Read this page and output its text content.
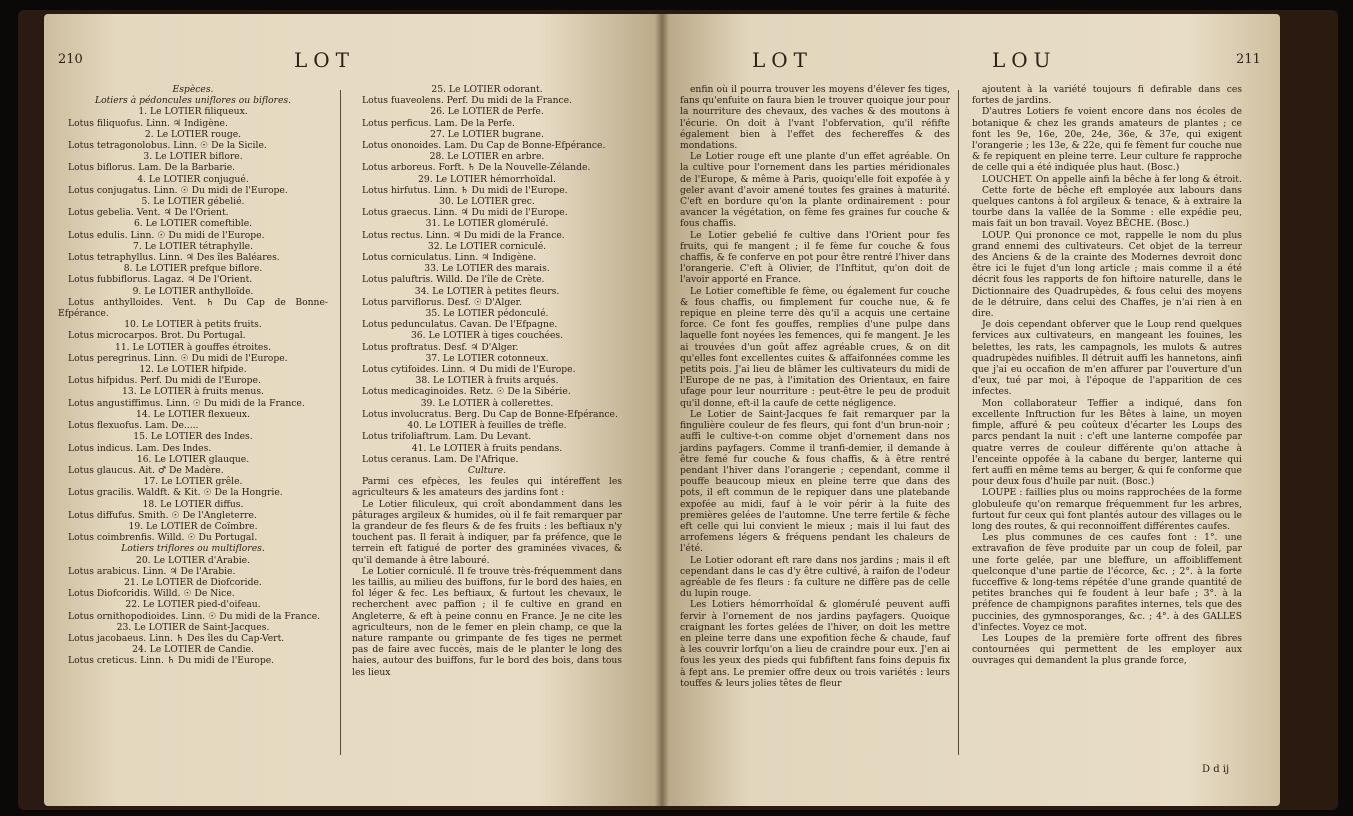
210	LOT

Espèces.

Lotiers à pédoncules uniflores ou biflores.

1. Le LOTIER filiqueux.

Lotus filiquofus. Linn. ♃ Indigène.

2. Le LOTIER rouge.

Lotus tetragonolobus. Linn. ☉ De la Sicile.

3. Le LOTIER biflore.

Lotus biflorus. Lam. De la Barbarie.

4. Le LOTIER conjugué.

Lotus conjugatus. Linn. ☉ Du midi de l'Europe.

5. Le LOTIER gébelié.

Lotus gebelia. Vent. ♃ De l'Orient.

6. Le LOTIER comeftible.

Lotus edulis. Linn. ☉ Du midi de l'Europe.

7. Le LOTIER tétraphylle.

Lotus tetraphyllus. Linn. ♃ Des îles Baléares.

8. Le LOTIER prefque biflore.

Lotus fubbiflorus. Lagaz. ♃ De l'Orient.

9. Le LOTIER anthylloïde.

Lotus anthylloides. Vent. ♄ Du Cap de Bonne-Efpérance.

10. Le LOTIER à petits fruits.

Lotus microcarpos. Brot. Du Portugal.

11. Le LOTIER à gouffes étroites.

Lotus peregrinus. Linn. ☉ Du midi de l'Europe.

12. Le LOTIER hifpide.

Lotus hifpidus. Perf. Du midi de l'Europe.

13. Le LOTIER à fruits menus.

Lotus angustiffimus. Linn. ☉ Du midi de la France.

14. Le LOTIER flexueux.

Lotus flexuofus. Lam. De.....

15. Le LOTIER des Indes.

Lotus indicus. Lam. Des Indes.

16. Le LOTIER glauque.

Lotus glaucus. Ait. ♂ De Madère.

17. Le LOTIER grêle.

Lotus gracilis. Waldft. & Kit. ☉ De la Hongrie.

18. Le LOTIER diffus.

Lotus diffufus. Smith. ☉ De l'Angleterre.

19. Le LOTIER de Coïmbre.

Lotus coimbrenfis. Willd. ☉ Du Portugal.

Lotiers triflores ou multiflores.

20. Le LOTIER d'Arabie.

Lotus arabicus. Linn. ♃ De l'Arabie.

21. Le LOTIER de Diofcoride.

Lotus Diofcoridis. Willd. ☉ De Nice.

22. Le LOTIER pied-d'oifeau.

Lotus ornithopodioides. Linn. ☉ Du midi de la France.

23. Le LOTIER de Saint-Jacques.

Lotus jacobaeus. Linn. ♄ Des îles du Cap-Vert.

24. Le LOTIER de Candie.

Lotus creticus. Linn. ♄ Du midi de l'Europe.

25. Le LOTIER odorant.

Lotus fuaveolens. Perf. Du midi de la France.

26. Le LOTIER de Perfe.

Lotus perficus. Lam. De la Perfe.

27. Le LOTIER bugrane.

Lotus ononoides. Lam. Du Cap de Bonne-Efpérance.

28. Le LOTIER en arbre.

Lotus arboreus. Forft. ♄ De la Nouvelle-Zélande.

29. Le LOTIER hémorrhoïdal.

Lotus hirfutus. Linn. ♄ Du midi de l'Europe.

30. Le LOTIER grec.

Lotus graecus. Linn. ♃ Du midi de l'Europe.

31. Le LOTIER gloméruIé.

Lotus rectus. Linn. ♃ Du midi de la France.

32. Le LOTIER corniculé.

Lotus corniculatus. Linn. ♃ Indigène.

33. Le LOTIER des marais.

Lotus paluftris. Willd. De l'île de Crète.

34. Le LOTIER à petites fleurs.

Lotus parviflorus. Desf. ☉ D'Alger.

35. Le LOTIER pédonculé.

Lotus pedunculatus. Cavan. De l'Efpagne.

36. Le LOTIER à tiges couchées.

Lotus proftratus. Desf. ♃ D'Alger.

37. Le LOTIER cotonneux.

Lotus cytifoides. Linn. ♃ Du midi de l'Europe.

38. Le LOTIER à fruits arqués.

Lotus medicaginoides. Retz. ☉ De la Sibérie.

39. Le LOTIER à collerettes.

Lotus involucratus. Berg. Du Cap de Bonne-Efpérance.

40. Le LOTIER à feuilles de trèfle.

Lotus trifoliaftrum. Lam. Du Levant.

41. Le LOTIER à fruits pendans.

Lotus ceranus. Lam. De l'Afrique.

Culture.

Parmi ces efpèces, les feules qui intéreffent les agriculteurs & les amateurs des jardins font :

Le Lotier filiculeux, qui croît abondamment dans les pâturages argileux & humides, où il fe fait remarquer par la grandeur de fes fleurs & de fes fruits : les beftiaux n'y touchent pas. Il ferait à indiquer, par fa préfence, que le terrein eft fatigué de porter des graminées vivaces, & qu'il demande à être labouré.

Le Lotier corniculé. Il fe trouve très-fréquemment dans les taillis, au milieu des buiffons, fur le bord des haies, en fol léger & fec. Les beftiaux, & furtout les chevaux, le recherchent avec paffion ; il fe cultive en grand en Angleterre, & eft à peine connu en France. Je ne cite les agriculteurs, non de le femer en plein champ, ce que la nature rampante ou grimpante de fes tiges ne permet pas de faire avec fuccès, mais de le planter le long des haies, autour des buiffons, fur le bord des bois, dans tous les lieux

LOT	LOU	211

enfin où il pourra trouver les moyens d'élever fes tiges, fans qu'enfuite on faura bien le trouver quoique jour pour la nourriture des chevaux, des vaches & des moutons à l'écurie. On doit à l'vant l'obfervation, qu'il réfifte également bien à l'effet des fechereffes & des mondations.

Le Lotier rouge eft une plante d'un effet agréable. On la cultive pour l'ornement dans les parties méridionales de l'Europe, & même à Paris, quoiqu'elle foit expofée à y geler avant d'avoir amené toutes fes graines à maturité. C'eft en bordure qu'on la plante ordinairement : pour avancer la végétation, on fème fes graines fur couche & fous chaffis.

Le Lotier gebelié fe cultive dans l'Orient pour fes fruits, qui fe mangent ; il fe fème fur couche & fous chaffis, & fe conferve en pot pour être rentré l'hiver dans l'orangerie. C'eft à Olivier, de l'Inftitut, qu'on doit de l'avoir apporté en France.

Le Lotier comeftible fe fème, ou également fur couche & fous chaffis, ou fimplement fur couche nue, & fe repique en pleine terre dès qu'il a acquis une certaine force. Ce font fes gouffes, remplies d'une pulpe dans laquelle font noyées les femences, qui fe mangent. Je les ai trouvées d'un goût affez agréable crues, & on dit qu'elles font excellentes cuites & affaifonnées comme les petits pois. J'ai lieu de blâmer les cultivateurs du midi de l'Europe de ne pas, à l'imitation des Orientaux, en faire ufage pour leur nourriture : peut-être le peu de produit qu'il donne, eft-il la caufe de cette négligence.

Le Lotier de Saint-Jacques fe fait remarquer par la fingulière couleur de fes fleurs, qui font d'un brun-noir ; auffi le cultive-t-on comme objet d'ornement dans nos jardins payfagers. Comme il tranfi-demier, il demande à être femé fur couche & fous chaffis, & à être rentré pendant l'hiver dans l'orangerie ; cependant, comme il pouffe beaucoup mieux en pleine terre que dans des pots, il eft commun de le repiquer dans une platebande expofée au midi, fauf à le voir périr à la fuite des premières gelées de l'automne. Une terre fertile & fèche eft celle qui lui convient le mieux ; mais il lui faut des arrofemens légers & fréquens pendant les chaleurs de l'été.

Le Lotier odorant eft rare dans nos jardins ; mais il eft cependant dans le cas d'y être cultivé, à raifon de l'odeur agréable de fes fleurs : fa culture ne diffère pas de celle du lupin rouge.

Les Lotiers hémorrhoïdal & gloméruIé peuvent auffi fervir à l'ornement de nos jardins payfagers. Quoique craignant les fortes gelées de l'hiver, on doit les mettre en pleine terre dans une expofition fèche & chaude, fauf à les couvrir lorfqu'on a lieu de craindre pour eux. J'en ai fous les yeux des pieds qui fubfiftent fans foins depuis fix à fept ans. Le premier offre deux ou trois variétés : leurs touffes & leurs jolies têtes de fleur

ajoutent à la variété toujours fi defirable dans ces fortes de jardins.

D'autres Lotiers fe voient encore dans nos écoles de botanique & chez les grands amateurs de plantes ; ce font les 9e, 16e, 20e, 24e, 36e, & 37e, qui exigent l'orangerie ; les 13e, & 22e, qui fe fèment fur couche nue & fe repiquent en pleine terre. Leur culture fe rapproche de celle qui a été indiquée plus haut. (Bosc.)

LOUCHET. On appelle ainfi la bêche à fer long & étroit.

Cette forte de bêche eft employée aux labours dans quelques cantons à fol argileux & tenace, & à extraire la tourbe dans la vallée de la Somme : elle expédie peu, mais fait un bon travail. Voyez BÊCHE. (Bosc.)

LOUP. Qui prononce ce mot, rappelle le nom du plus grand ennemi des cultivateurs. Cet objet de la terreur des Anciens & de la crainte des Modernes devroit donc être ici le fujet d'un long article ; mais comme il a été décrit fous les rapports de fon hiftoire naturelle, dans le Dictionnaire des Quadrupèdes, & fous celui des moyens de le détruire, dans celui des Chaffes, je n'ai rien à en dire.

Je dois cependant obferver que le Loup rend quelques fervices aux cultivateurs, en mangeant les fouines, les belettes, les rats, les campagnols, les mulots & autres quadrupèdes nuifibles. Il détruit auffi les hannetons, ainfi que j'ai eu occafion de m'en affurer par l'ouverture d'un d'eux, tué par moi, à l'époque de l'apparition de ces infectes.

Mon collaborateur Teffier a indiqué, dans fon excellente Inftruction fur les Bêtes à laine, un moyen fimple, affuré & peu coûteux d'écarter les Loups des parcs pendant la nuit : c'eft une lanterne compofée par quatre verres de couleur différente qu'on attache à l'enceinte oppofée à la cabane du berger, lanterne qui fert auffi en même tems au berger, & qui fe conforme que pour deux fous d'huile par nuit. (Bosc.)

LOUPE : faillies plus ou moins rapprochées de la forme globuleufe qu'on remarque fréquemment fur les arbres, furtout fur ceux qui font plantés autour des villages ou le long des routes, & qui reconnoiffent différentes caufes.

Les plus communes de ces caufes font : 1°. une extravafion de fève produite par un coup de foleil, par une forte gelée, par une bleffure, un affoibliffement quelconque d'une partie de l'écorce, &c. ; 2°. à la forte fucceffive & long-tems répétée d'une grande quantité de petites branches qui fe foudent à leur bafe ; 3°. à la préfence de champignons parafites internes, tels que des puccinies, des gymnosporanges, &c. ; 4°. à des GALLES d'infectes. Voyez ce mot.

Les Loupes de la première forte offrent des fibres contournées qui permettent de les employer aux ouvrages qui demandent la plus grande force,

D d ij
